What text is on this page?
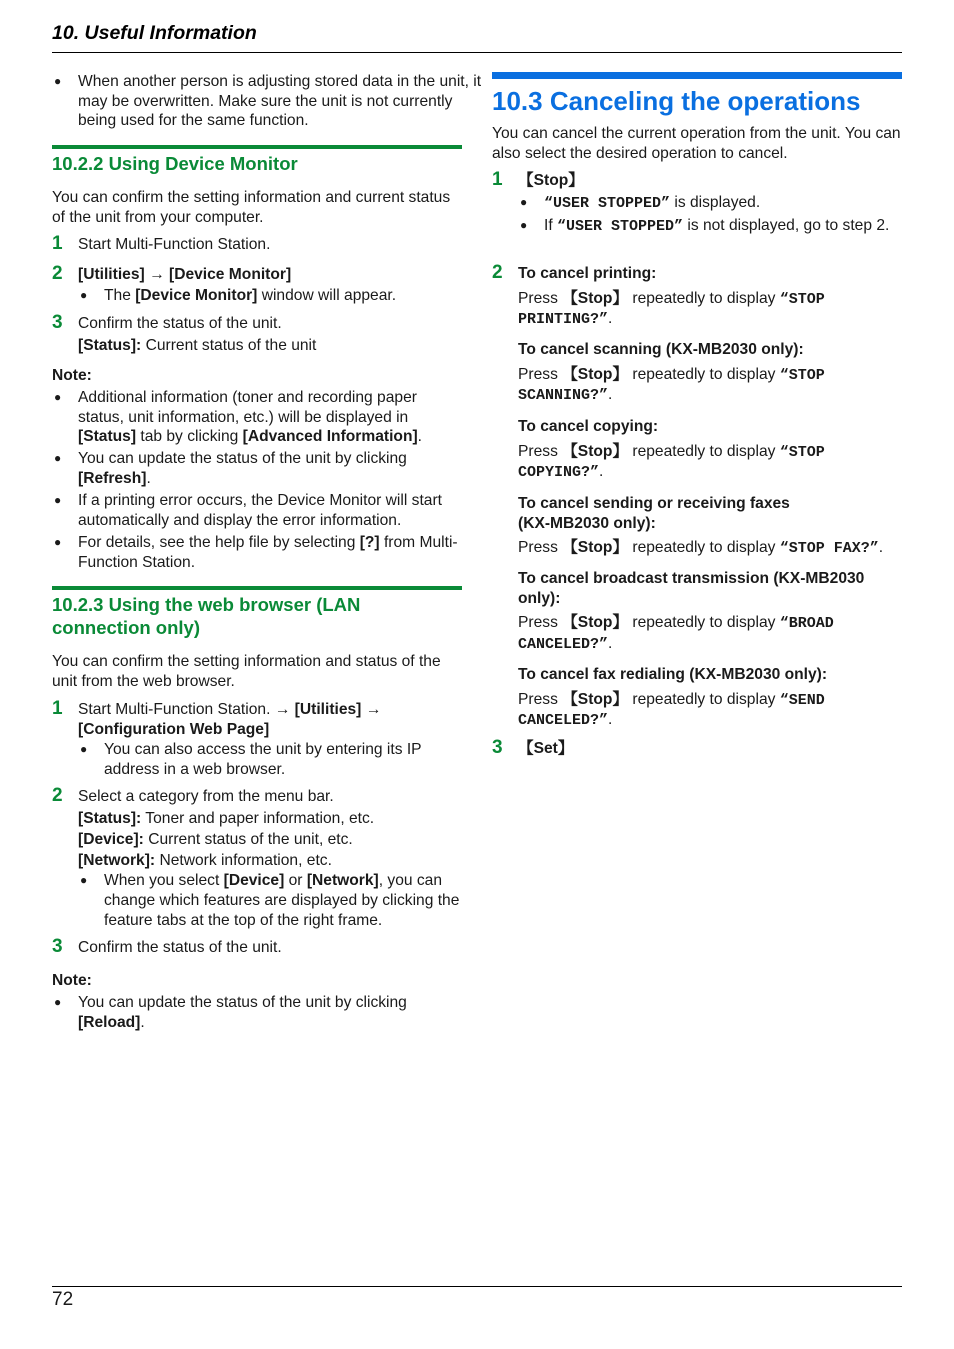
10. Useful Information
● When another person is adjusting stored data in the unit, it may be overwritten. Make sure the unit is not currently being used for the same function.
10.2.2 Using Device Monitor
You can confirm the setting information and current status of the unit from your computer.
1 Start Multi-Function Station.
2 [Utilities] → [Device Monitor]
● The [Device Monitor] window will appear.
3 Confirm the status of the unit.
[Status]: Current status of the unit
Note:
● Additional information (toner and recording paper status, unit information, etc.) will be displayed in [Status] tab by clicking [Advanced Information].
● You can update the status of the unit by clicking [Refresh].
● If a printing error occurs, the Device Monitor will start automatically and display the error information.
● For details, see the help file by selecting [?] from Multi-Function Station.
10.2.3 Using the web browser (LAN
connection only)
You can confirm the setting information and status of the unit from the web browser.
1 Start Multi-Function Station. → [Utilities] →
[Configuration Web Page]
● You can also access the unit by entering its IP address in a web browser.
2 Select a category from the menu bar.
[Status]: Toner and paper information, etc.
[Device]: Current status of the unit, etc.
[Network]: Network information, etc.
● When you select [Device] or [Network], you can change which features are displayed by clicking the feature tabs at the top of the right frame.
3 Confirm the status of the unit.
Note:
● You can update the status of the unit by clicking [Reload].
10.3 Canceling the operations
You can cancel the current operation from the unit. You can also select the desired operation to cancel.
1 【Stop】
● “USER STOPPED” is displayed.
● If “USER STOPPED” is not displayed, go to step 2.
2 To cancel printing:
Press 【Stop】 repeatedly to display “STOP PRINTING?”.
To cancel scanning (KX-MB2030 only):
Press 【Stop】 repeatedly to display “STOP SCANNING?”.
To cancel copying:
Press 【Stop】 repeatedly to display “STOP COPYING?”.
To cancel sending or receiving faxes
(KX-MB2030 only):
Press 【Stop】 repeatedly to display “STOP FAX?”.
To cancel broadcast transmission (KX-MB2030
only):
Press 【Stop】 repeatedly to display “BROAD CANCELED?”.
To cancel fax redialing (KX-MB2030 only):
Press 【Stop】 repeatedly to display “SEND CANCELED?”.
3 【Set】
72
